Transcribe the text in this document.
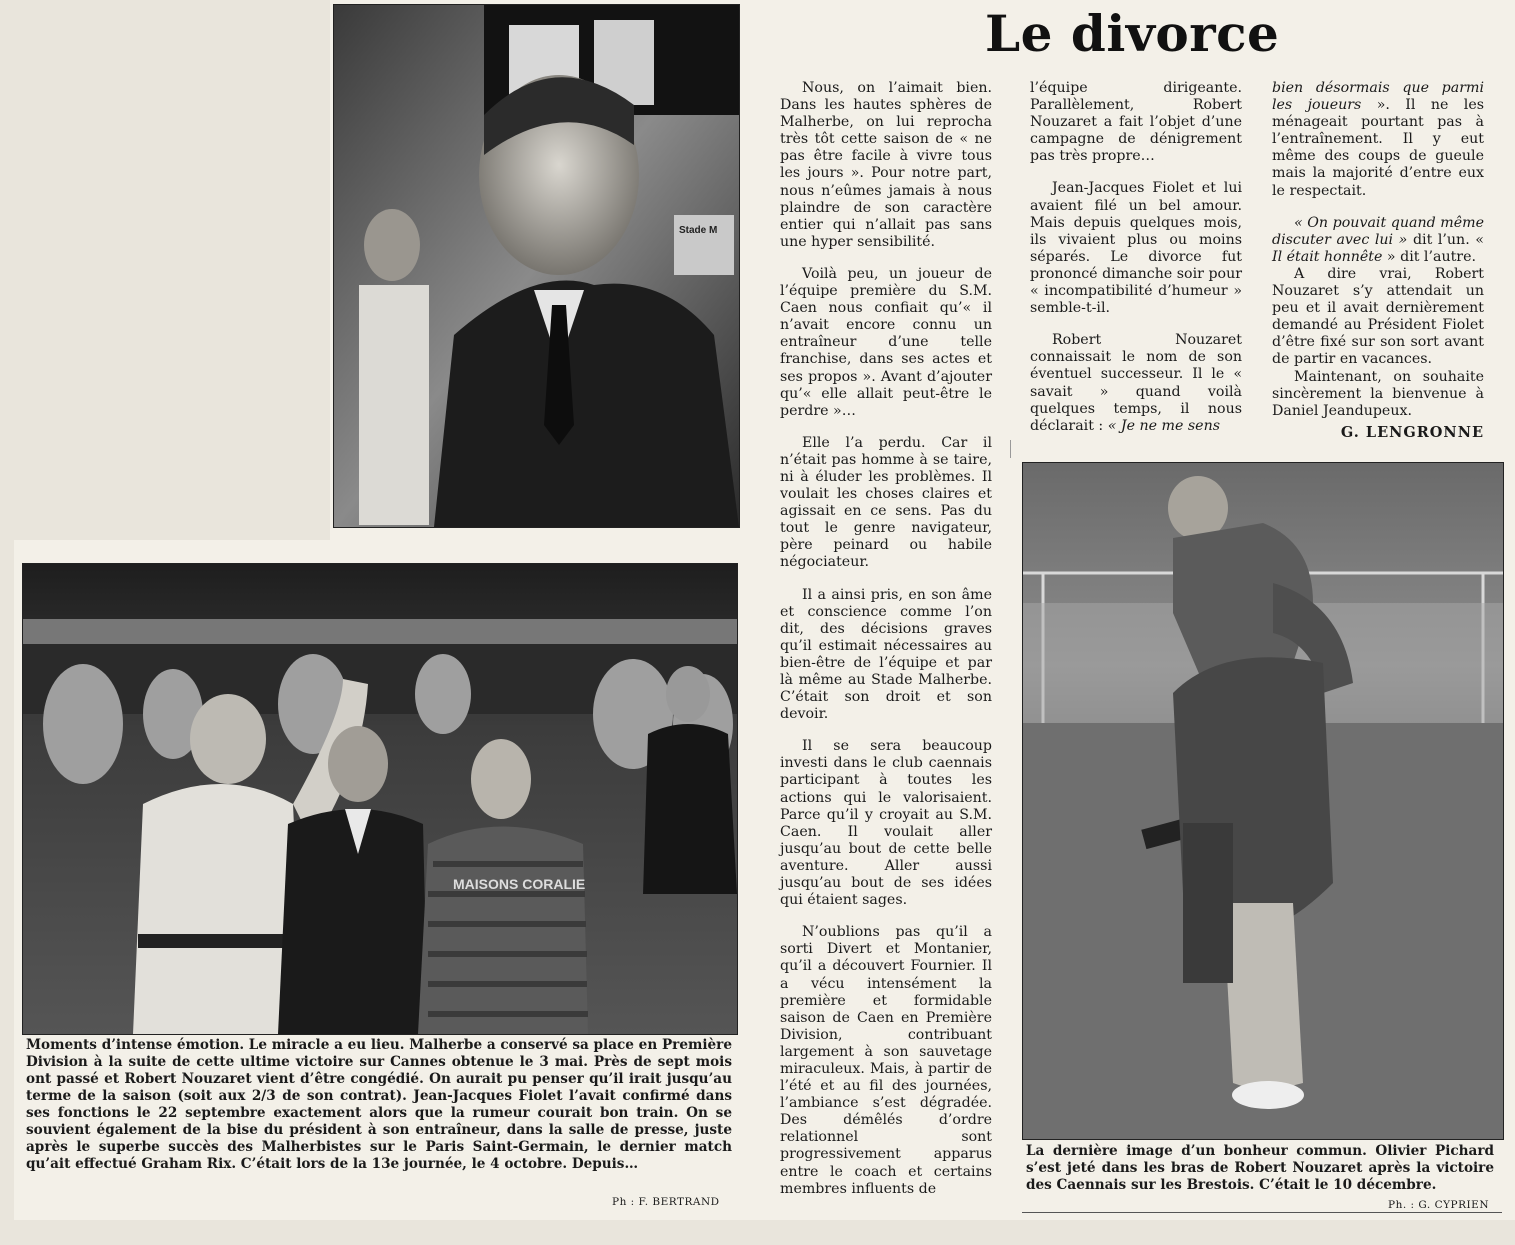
Stade M
Le divorce

Nous, on l’aimait bien. Dans les hautes sphères de Malherbe, on lui reprocha très tôt cette saison de « ne pas être facile à vivre tous les jours ». Pour notre part, nous n’eûmes jamais à nous plaindre de son caractère entier qui n’allait pas sans une hyper sensibilité.

Voilà peu, un joueur de l’équipe première du S.M. Caen nous confiait qu’« il n’avait encore connu un entraîneur d’une telle franchise, dans ses actes et ses propos ». Avant d’ajouter qu’« elle allait peut-être le perdre »…

Elle l’a perdu. Car il n’était pas homme à se taire, ni à éluder les problèmes. Il voulait les choses claires et agissait en ce sens. Pas du tout le genre navigateur, père peinard ou habile négociateur.

Il a ainsi pris, en son âme et conscience comme l’on dit, des décisions graves qu’il estimait nécessaires au bien-être de l’équipe et par là même au Stade Malherbe. C’était son droit et son devoir.

Il se sera beaucoup investi dans le club caennais participant à toutes les actions qui le valorisaient. Parce qu’il y croyait au S.M. Caen. Il voulait aller jusqu’au bout de cette belle aventure. Aller aussi jusqu’au bout de ses idées qui étaient sages.

N’oublions pas qu’il a sorti Divert et Montanier, qu’il a découvert Fournier. Il a vécu intensément la première et formidable saison de Caen en Première Division, contribuant largement à son sauvetage miraculeux. Mais, à partir de l’été et au fil des journées, l’ambiance s’est dégradée. Des démêlés d’ordre relationnel sont progressivement apparus entre le coach et certains membres influents de

l’équipe dirigeante. Parallèlement, Robert Nouzaret a fait l’objet d’une campagne de dénigrement pas très propre…

Jean-Jacques Fiolet et lui avaient filé un bel amour. Mais depuis quelques mois, ils vivaient plus ou moins séparés. Le divorce fut prononcé dimanche soir pour « incompatibilité d’humeur » semble-t-il.

Robert Nouzaret connaissait le nom de son éventuel successeur. Il le « savait » quand voilà quelques temps, il nous déclarait : « Je ne me sens

bien désormais que parmi les joueurs ». Il ne les ménageait pourtant pas à l’entraînement. Il y eut même des coups de gueule mais la majorité d’entre eux le respectait.

« On pouvait quand même discuter avec lui » dit l’un. « Il était honnête » dit l’autre.

A dire vrai, Robert Nouzaret s’y attendait un peu et il avait dernièrement demandé au Président Fiolet d’être fixé sur son sort avant de partir en vacances.

Maintenant, on souhaite sincèrement la bienvenue à Daniel Jeandupeux.

G. LENGRONNE
MAISONS CORALIE
Moments d’intense émotion. Le miracle a eu lieu. Malherbe a conservé sa place en Première Division à la suite de cette ultime victoire sur Cannes obtenue le 3 mai. Près de sept mois ont passé et Robert Nouzaret vient d’être congédié. On aurait pu penser qu’il irait jusqu’au terme de la saison (soit aux 2/3 de son contrat). Jean-Jacques Fiolet l’avait confirmé dans ses fonctions le 22 septembre exactement alors que la rumeur courait bon train. On se souvient également de la bise du président à son entraîneur, dans la salle de presse, juste après le superbe succès des Malherbistes sur le Paris Saint-Germain, le dernier match qu’ait effectué Graham Rix. C’était lors de la 13e journée, le 4 octobre. Depuis…
Ph : F. BERTRAND
La dernière image d’un bonheur commun. Olivier Pichard s’est jeté dans les bras de Robert Nouzaret après la victoire des Caennais sur les Brestois. C’était le 10 décembre.
Ph. : G. CYPRIEN
